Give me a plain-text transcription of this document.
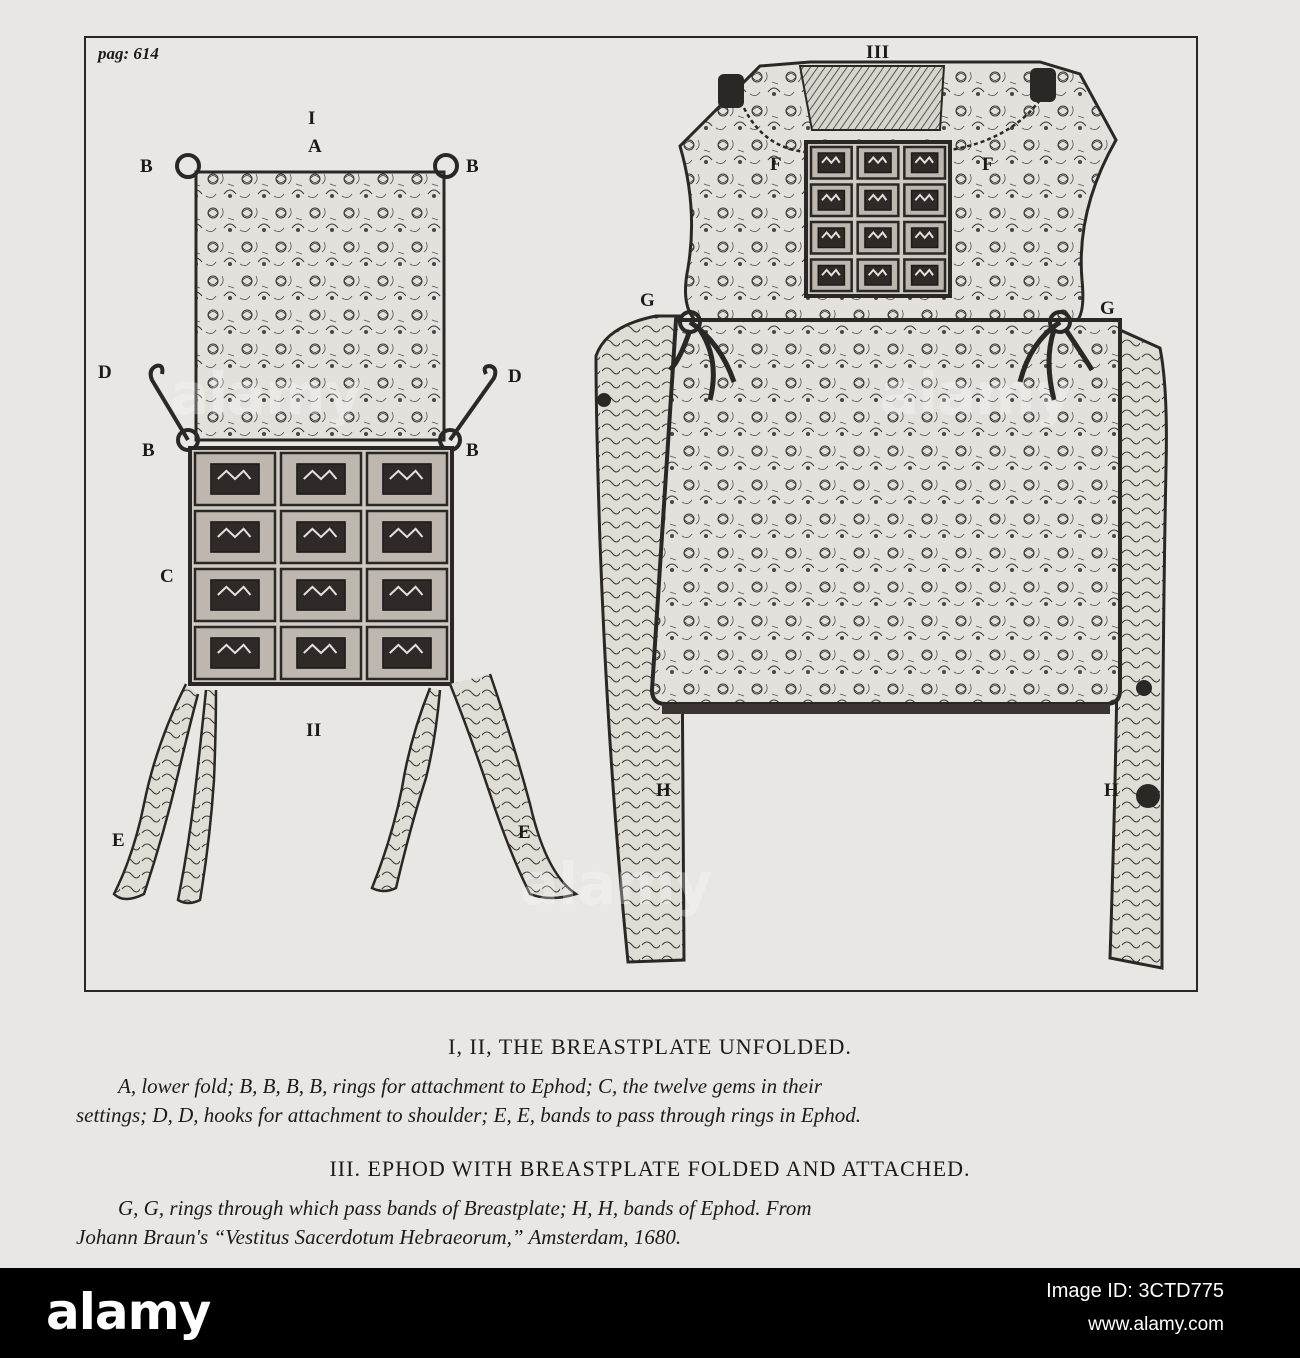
pag: 614
I
A
B	B
D	D
B	B
C
II
E	E
III
F	F
G	G
H	H
I, II, THE BREASTPLATE UNFOLDED.
A, lower fold; B, B, B, B, rings for attachment to Ephod; C, the twelve gems in their
settings; D, D, hooks for attachment to shoulder; E, E, bands to pass through rings in Ephod.
III. EPHOD WITH BREASTPLATE FOLDED AND ATTACHED.
G, G, rings through which pass bands of Breastplate; H, H, bands of Ephod. From
Johann Braun's “Vestitus Sacerdotum Hebraeorum,” Amsterdam, 1680.
alamy	alamy
alamy
alamy	Image ID: 3CTD775
www.alamy.com
